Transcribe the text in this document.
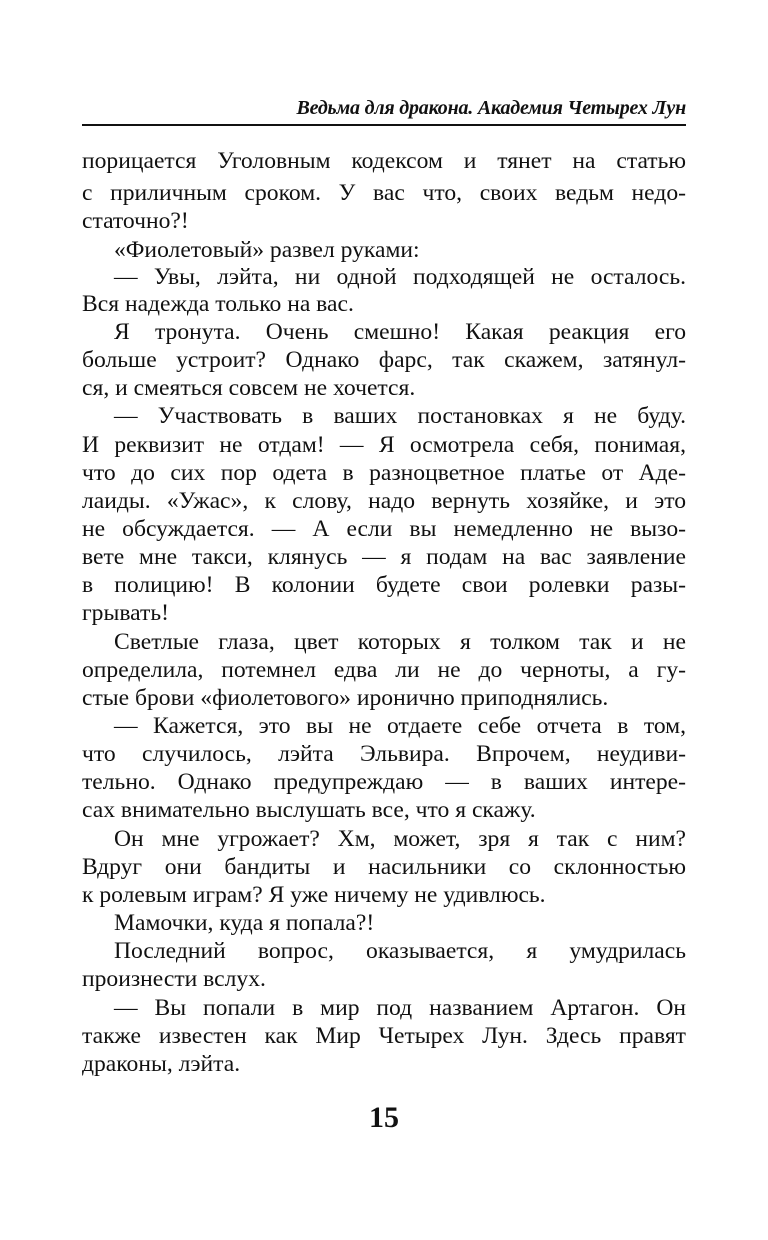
Ведьма для дракона. Академия Четырех Лун
порицается Уголовным кодексом и тянет на статью
с приличным сроком. У вас что, своих ведьм недо-
статочно?!
«Фиолетовый» развел руками:
— Увы, лэйта, ни одной подходящей не осталось.
Вся надежда только на вас.
Я тронута. Очень смешно! Какая реакция его
больше устроит? Однако фарс, так скажем, затянул-
ся, и смеяться совсем не хочется.
— Участвовать в ваших постановках я не буду.
И реквизит не отдам! — Я осмотрела себя, понимая,
что до сих пор одета в разноцветное платье от Аде-
лаиды. «Ужас», к слову, надо вернуть хозяйке, и это
не обсуждается. — А если вы немедленно не вызо-
вете мне такси, клянусь — я подам на вас заявление
в полицию! В колонии будете свои ролевки разы-
грывать!
Светлые глаза, цвет которых я толком так и не
определила, потемнел едва ли не до черноты, а гу-
стые брови «фиолетового» иронично приподнялись.
— Кажется, это вы не отдаете себе отчета в том,
что случилось, лэйта Эльвира. Впрочем, неудиви-
тельно. Однако предупреждаю — в ваших интере-
сах внимательно выслушать все, что я скажу.
Он мне угрожает? Хм, может, зря я так с ним?
Вдруг они бандиты и насильники со склонностью
к ролевым играм? Я уже ничему не удивлюсь.
Мамочки, куда я попала?!
Последний вопрос, оказывается, я умудрилась
произнести вслух.
— Вы попали в мир под названием Артагон. Он
также известен как Мир Четырех Лун. Здесь правят
драконы, лэйта.
15
